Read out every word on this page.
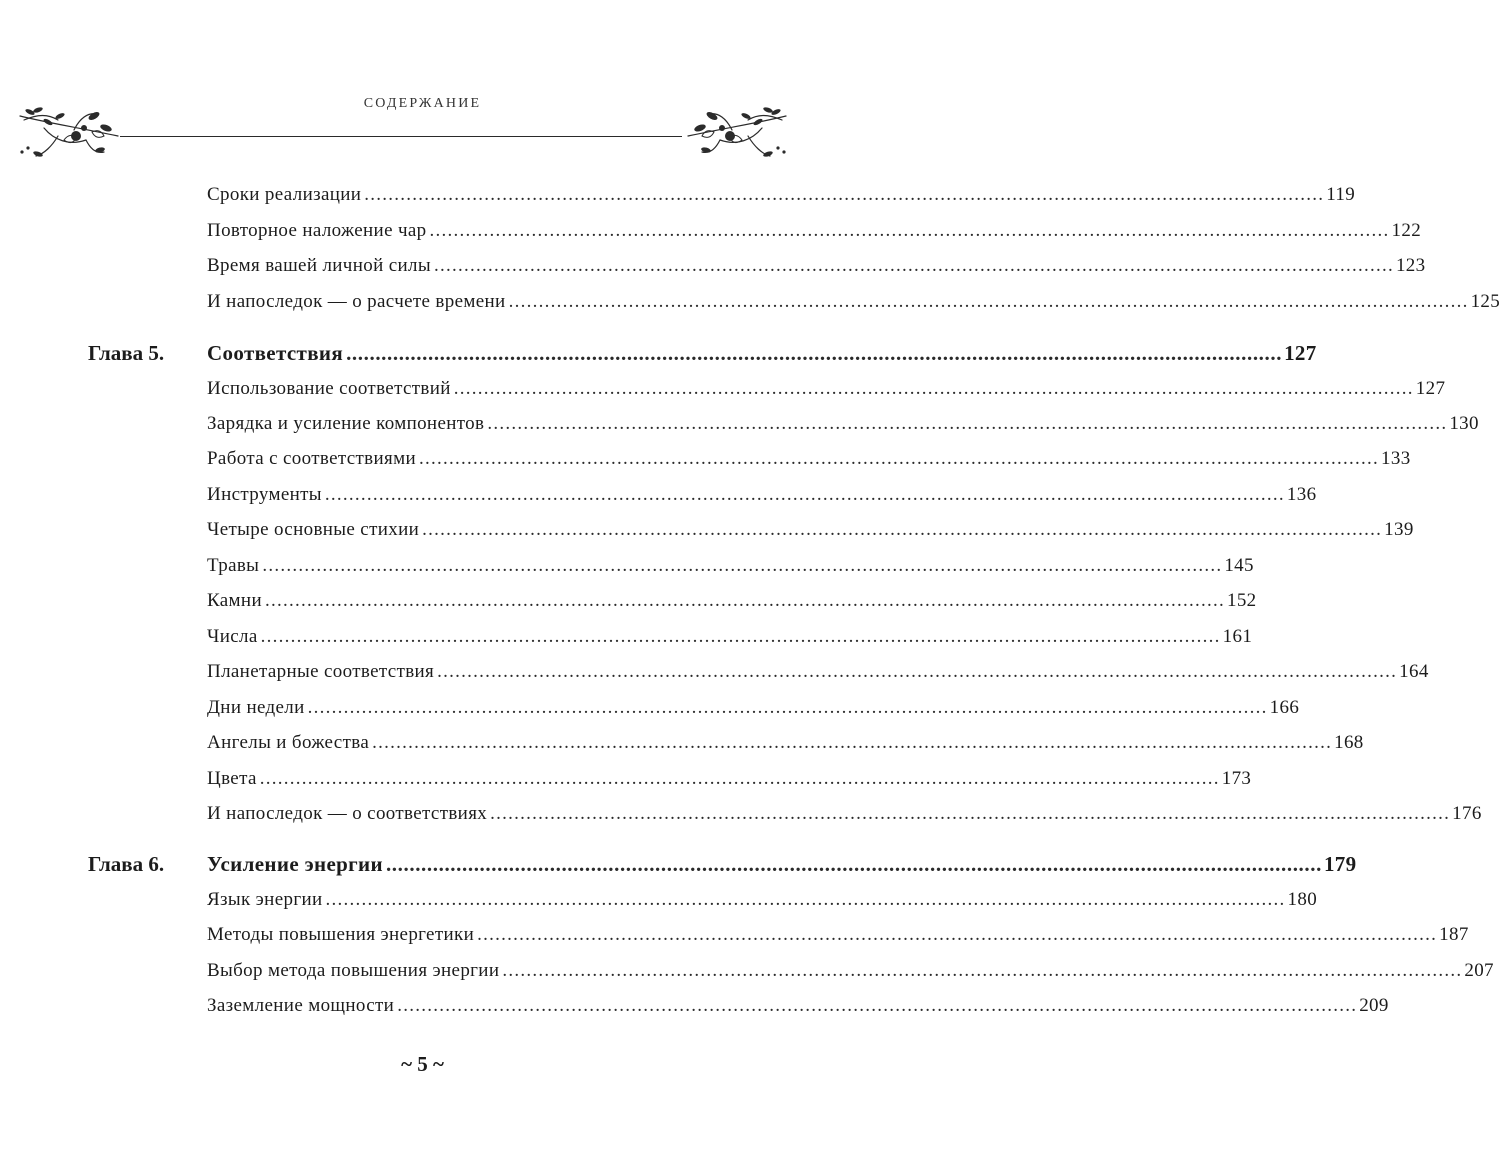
СОДЕРЖАНИЕ
Сроки реализации ................................................................................................................................................................ 119
Повторное наложение чар ................................................................................................................................................................ 122
Время вашей личной силы ................................................................................................................................................................ 123
И напоследок — о расчете времени ................................................................................................................................................................ 125
Глава 5. Соответствия ................................................................................................................................................................ 127
Использование соответствий ................................................................................................................................................................ 127
Зарядка и усиление компонентов ................................................................................................................................................................ 130
Работа с соответствиями ................................................................................................................................................................ 133
Инструменты ................................................................................................................................................................ 136
Четыре основные стихии ................................................................................................................................................................ 139
Травы ................................................................................................................................................................ 145
Камни ................................................................................................................................................................ 152
Числа ................................................................................................................................................................ 161
Планетарные соответствия ................................................................................................................................................................ 164
Дни недели ................................................................................................................................................................ 166
Ангелы и божества ................................................................................................................................................................ 168
Цвета ................................................................................................................................................................ 173
И напоследок — о соответствиях ................................................................................................................................................................ 176
Глава 6. Усиление энергии ................................................................................................................................................................ 179
Язык энергии ................................................................................................................................................................ 180
Методы повышения энергетики ................................................................................................................................................................ 187
Выбор метода повышения энергии ................................................................................................................................................................ 207
Заземление мощности ................................................................................................................................................................ 209
~ 5 ~
